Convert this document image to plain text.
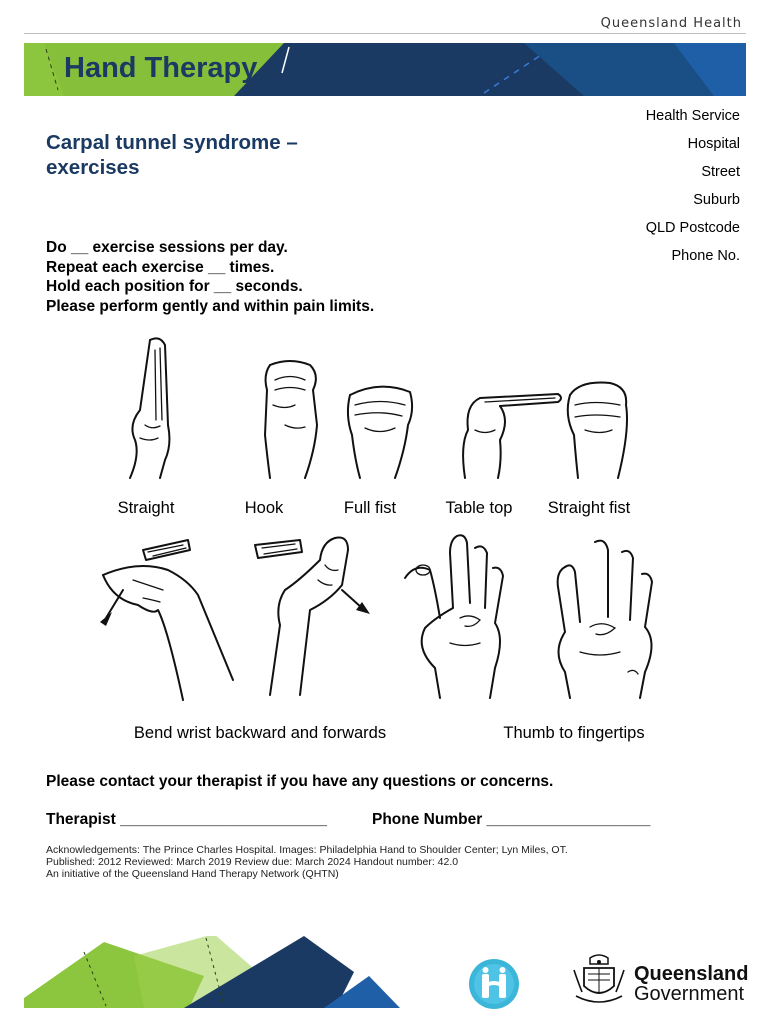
Queensland Health
Hand Therapy
Health Service
Hospital
Street
Suburb
QLD Postcode
Phone No.
Carpal tunnel syndrome – exercises
Do __ exercise sessions per day.
Repeat each exercise __ times.
Hold each position for __ seconds.
Please perform gently and within pain limits.
Straight	Hook	Full fist	Table top	Straight fist
Bend wrist backward and forwards	Thumb to fingertips
Please contact your therapist if you have any questions or concerns.
Therapist ________________________	Phone Number ___________________
Acknowledgements: The Prince Charles Hospital. Images: Philadelphia Hand to Shoulder Center; Lyn Miles, OT.
Published: 2012 Reviewed: March 2019 Review due: March 2024 Handout number: 42.0
An initiative of the Queensland Hand Therapy Network (QHTN)
Queensland
Government
